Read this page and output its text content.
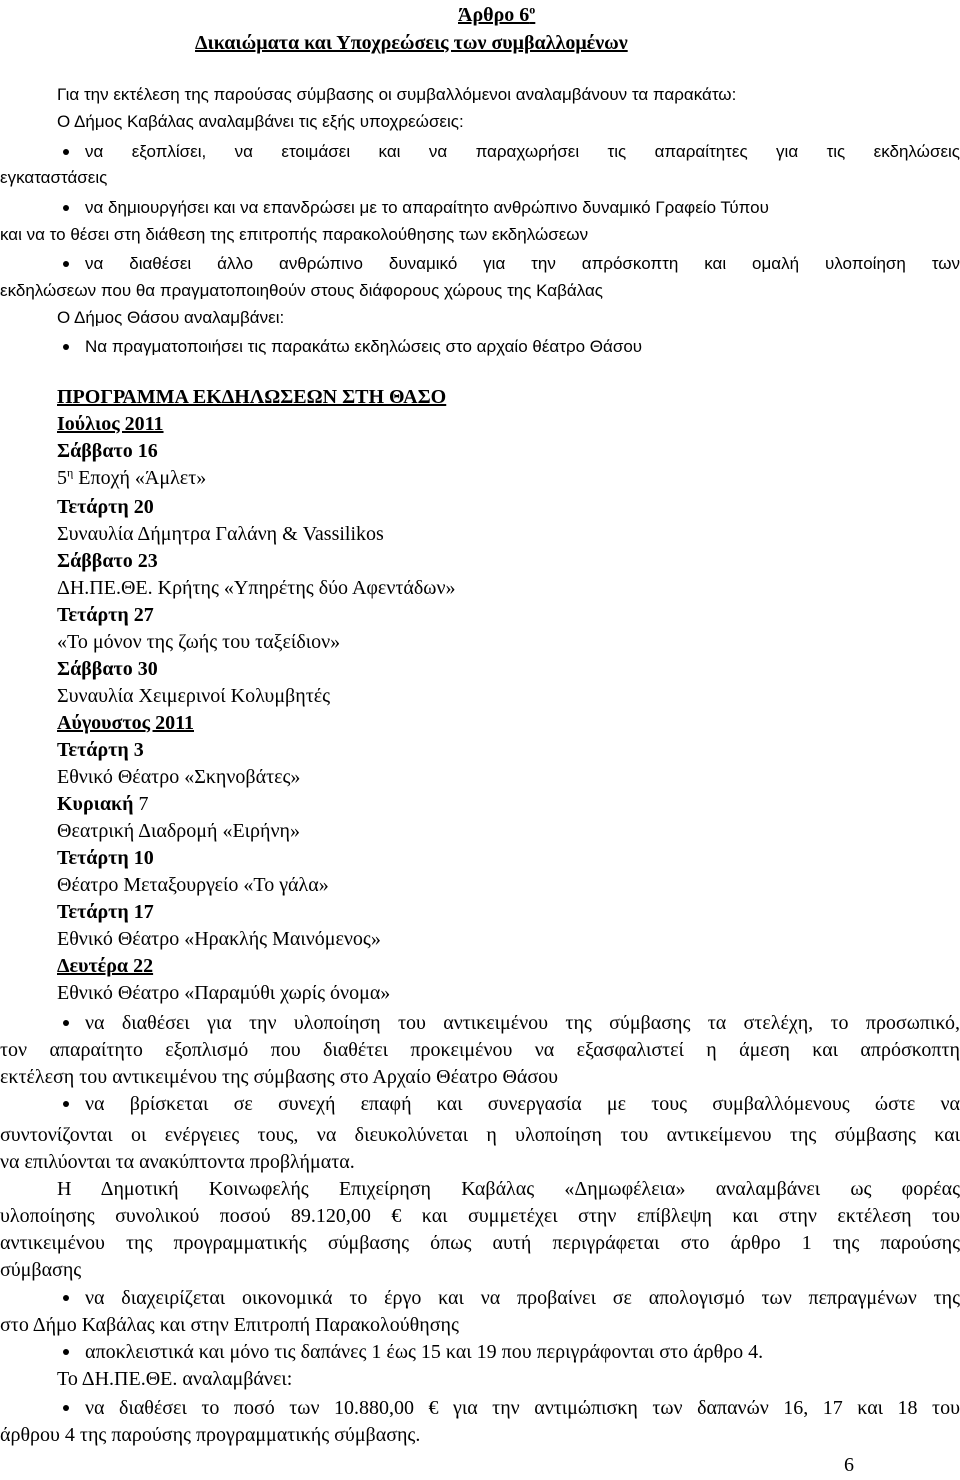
Άρθρο $6^o$
Δικαιώματα και Υποχρεώσεις των συμβαλλομένων
Για την εκτέλεση της παρούσας σύμβασης οι συμβαλλόμενοι αναλαμβάνουν τα παρακάτω:
Ο Δήμος Καβάλας αναλαμβάνει τις εξής υποχρεώσεις:
να εξοπλίσει, να ετοιμάσει και να παραχωρήσει τις απαραίτητες για τις εκδηλώσεις
εγκαταστάσεις
να δημιουργήσει και να επανδρώσει με το απαραίτητο ανθρώπινο δυναμικό Γραφείο Τύπου
και να το θέσει στη διάθεση της επιτροπής παρακολούθησης των εκδηλώσεων
να διαθέσει άλλο ανθρώπινο δυναμικό για την απρόσκοπτη και ομαλή υλοποίηση των
εκδηλώσεων που θα πραγματοποιηθούν στους διάφορους χώρους της Καβάλας
Ο Δήμος Θάσου αναλαμβάνει:
Να πραγματοποιήσει τις παρακάτω εκδηλώσεις στο αρχαίο θέατρο Θάσου
ΠΡΟΓΡΑΜΜΑ ΕΚΔΗΛΩΣΕΩΝ ΣΤΗ ΘΑΣΟ
Ιούλιος 2011
Σάββατο 16
$5^\eta$ Εποχή «Άμλετ»
Τετάρτη 20
Συναυλία Δήμητρα Γαλάνη & Vassilikos
Σάββατο 23
ΔΗ.ΠΕ.ΘΕ. Κρήτης «Υπηρέτης δύο Αφεντάδων»
Τετάρτη 27
«Το μόνον της ζωής του ταξείδιον»
Σάββατο 30
Συναυλία Χειμερινοί Κολυμβητές
Αύγουστος 2011
Τετάρτη 3
Εθνικό Θέατρο «Σκηνοβάτες»
Κυριακή 7
Θεατρική Διαδρομή «Ειρήνη»
Τετάρτη 10
Θέατρο Μεταξουργείο «Το γάλα»
Τετάρτη 17
Εθνικό Θέατρο «Ηρακλής Μαινόμενος»
Δευτέρα 22
Εθνικό Θέατρο «Παραμύθι χωρίς όνομα»
να διαθέσει για την υλοποίηση του αντικειμένου της σύμβασης τα στελέχη, το προσωπικό,
τον απαραίτητο εξοπλισμό που διαθέτει προκειμένου να εξασφαλιστεί η άμεση και απρόσκοπτη
εκτέλεση του αντικειμένου της σύμβασης στο Αρχαίο Θέατρο Θάσου
να βρίσκεται σε συνεχή επαφή και συνεργασία με τους συμβαλλόμενους ώστε να
συντονίζονται οι ενέργειες τους, να διευκολύνεται η υλοποίηση του αντικείμενου της σύμβασης και
να επιλύονται τα ανακύπτοντα προβλήματα.
Η Δημοτική Κοινωφελής Επιχείρηση Καβάλας «Δημωφέλεια» αναλαμβάνει ως φορέας
υλοποίησης συνολικού ποσού 89.120,00 € και συμμετέχει στην επίβλεψη και στην εκτέλεση του
αντικειμένου της προγραμματικής σύμβασης όπως αυτή περιγράφεται στο άρθρο 1 της παρούσης
σύμβασης
να διαχειρίζεται οικονομικά το έργο και να προβαίνει σε απολογισμό των πεπραγμένων της
στο Δήμο Καβάλας και στην Επιτροπή Παρακολούθησης
αποκλειστικά και μόνο τις δαπάνες 1 έως 15 και 19 που περιγράφονται στο άρθρο 4.
Το ΔΗ.ΠΕ.ΘΕ. αναλαμβάνει:
να διαθέσει το ποσό των 10.880,00 € για την αντιμώπισκη των δαπανών 16, 17 και 18 του
άρθρου 4 της παρούσης προγραμματικής σύμβασης.
6
